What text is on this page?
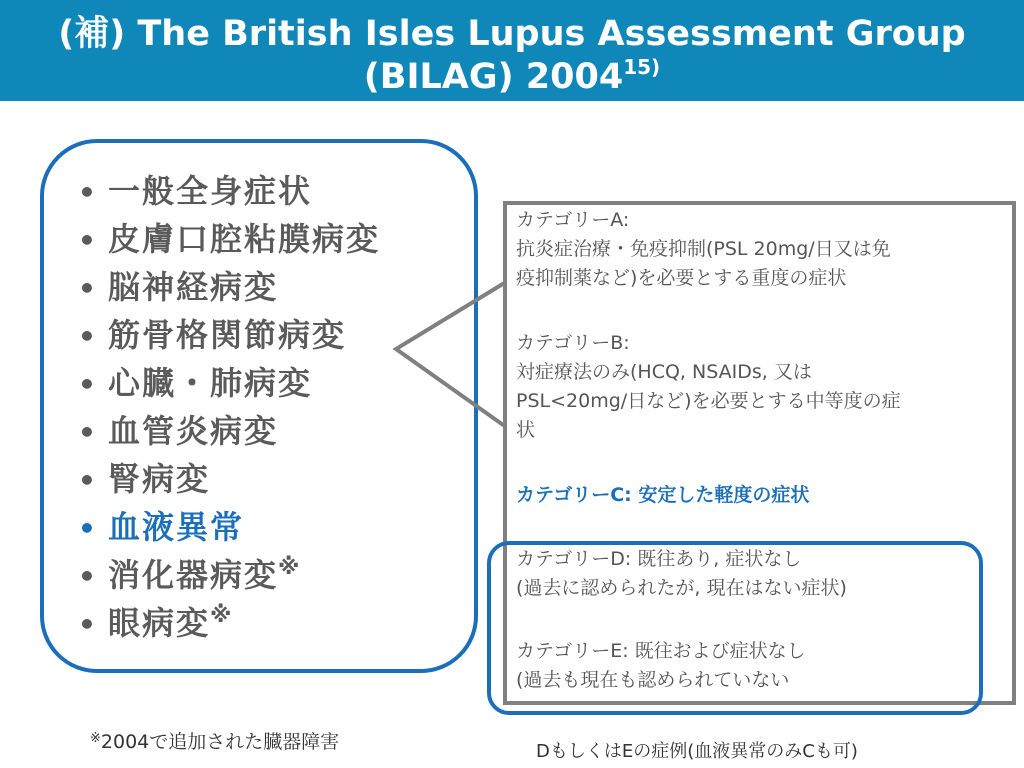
(補) The British Isles Lupus Assessment Group
(BILAG) 2004$^{15)}$
• 一般全身症状
• 皮膚口腔粘膜病変
• 脳神経病変
• 筋骨格関節病変
• 心臓・肺病変
• 血管炎病変
• 腎病変
• 血液異常
• 消化器病変※
• 眼病変※

カテゴリーA:

抗炎症治療・免疫抑制(PSL 20mg/日又は免

疫抑制薬など)を必要とする重度の症状

カテゴリーB:

対症療法のみ(HCQ, NSAIDs, 又は

PSL<20mg/日など)を必要とする中等度の症

状

カテゴリーC: 安定した軽度の症状

カテゴリーD: 既往あり, 症状なし

(過去に認められたが, 現在はない症状)

カテゴリーE: 既往および症状なし

(過去も現在も認められていない

※2004で追加された臓器障害	DもしくはEの症例(血液異常のみCも可)
